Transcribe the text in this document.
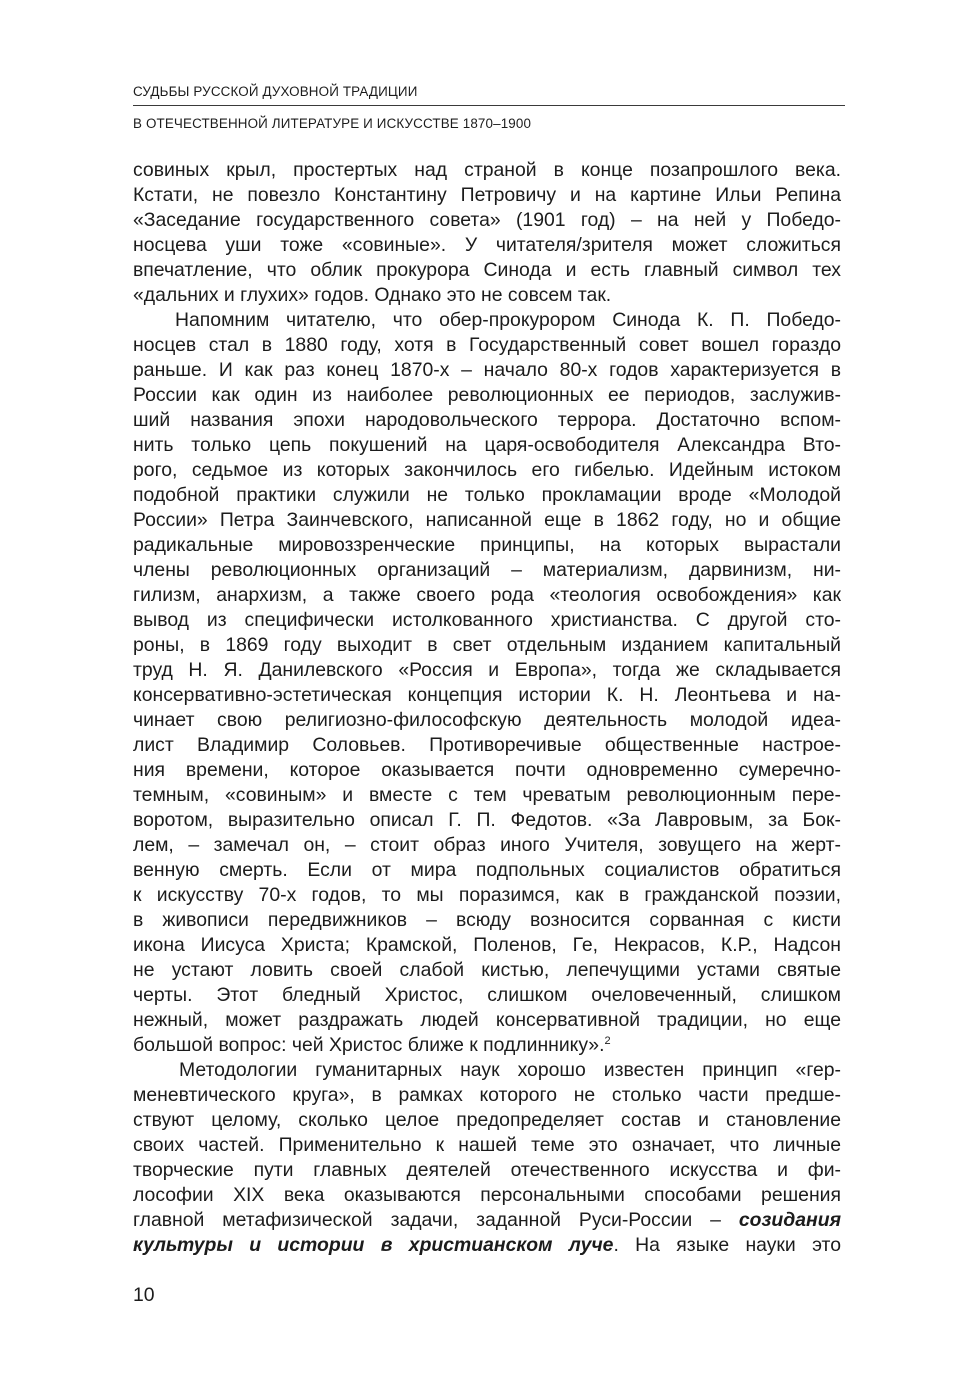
СУДЬБЫ РУССКОЙ ДУХОВНОЙ ТРАДИЦИИ
В ОТЕЧЕСТВЕННОЙ ЛИТЕРАТУРЕ И ИСКУССТВЕ 1870–1900
совиных крыл, простертых над страной в конце позапрошлого века.
Кстати, не повезло Константину Петровичу и на картине Ильи Репина
«Заседание государственного совета» (1901 год) – на ней у Победо-
носцева уши тоже «совиные». У читателя/зрителя может сложиться
впечатление, что облик прокурора Синода и есть главный символ тех
«дальних и глухих» годов. Однако это не совсем так.
Напомним читателю, что обер-прокурором Синода К. П. Победо-
носцев стал в 1880 году, хотя в Государственный совет вошел гораздо
раньше. И как раз конец 1870-х – начало 80-х годов характеризуется в
России как один из наиболее революционных ее периодов, заслужив-
ший названия эпохи народовольческого террора. Достаточно вспом-
нить только цепь покушений на царя-освободителя Александра Вто-
рого, седьмое из которых закончилось его гибелью. Идейным истоком
подобной практики служили не только прокламации вроде «Молодой
России» Петра Заинчевского, написанной еще в 1862 году, но и общие
радикальные мировоззренческие принципы, на которых вырастали
члены революционных организаций – материализм, дарвинизм, ни-
гилизм, анархизм, а также своего рода «теология освобождения» как
вывод из специфически истолкованного христианства. С другой сто-
роны, в 1869 году выходит в свет отдельным изданием капитальный
труд Н. Я. Данилевского «Россия и Европа», тогда же складывается
консервативно-эстетическая концепция истории К. Н. Леонтьева и на-
чинает свою религиозно-философскую деятельность молодой идеа-
лист Владимир Соловьев. Противоречивые общественные настрое-
ния времени, которое оказывается почти одновременно сумеречно-
темным, «совиным» и вместе с тем чреватым революционным пере-
воротом, выразительно описал Г. П. Федотов. «За Лавровым, за Бок-
лем, – замечал он, – стоит образ иного Учителя, зовущего на жерт-
венную смерть. Если от мира подпольных социалистов обратиться
к искусству 70-х годов, то мы поразимся, как в гражданской поэзии,
в живописи передвижников – всюду возносится сорванная с кисти
икона Иисуса Христа; Крамской, Поленов, Ге, Некрасов, К.Р., Надсон
не устают ловить своей слабой кистью, лепечущими устами святые
черты. Этот бледный Христос, слишком очеловеченный, слишком
нежный, может раздражать людей консервативной традиции, но еще
большой вопрос: чей Христос ближе к подлиннику».$^2$
Методологии гуманитарных наук хорошо известен принцип «гер-
меневтического круга», в рамках которого не столько части предше-
ствуют целому, сколько целое предопределяет состав и становление
своих частей. Применительно к нашей теме это означает, что личные
творческие пути главных деятелей отечественного искусства и фи-
лософии XIX века оказываются персональными способами решения
главной метафизической задачи, заданной Руси-России – созидания
культуры и истории в христианском луче. На языке науки это
10
